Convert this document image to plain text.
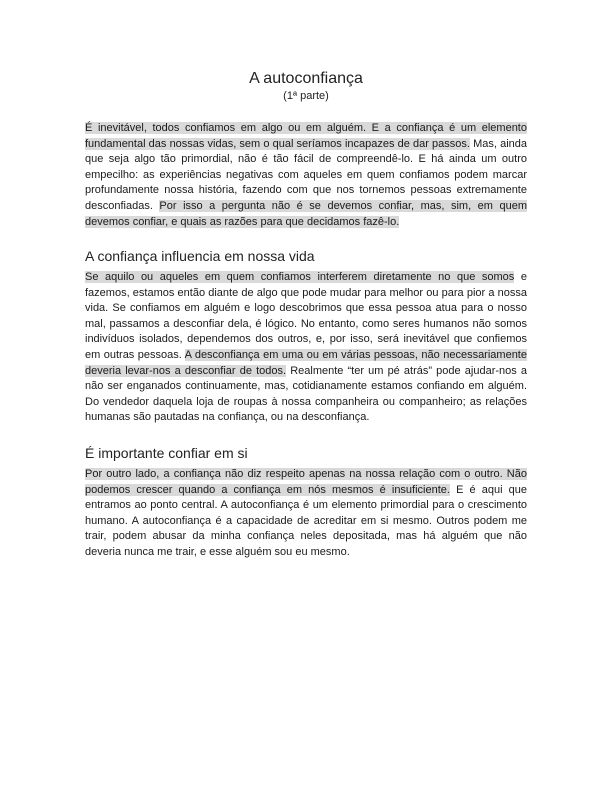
A autoconfiança
(1ª parte)

É inevitável, todos confiamos em algo ou em alguém. E a confiança é um elemento fundamental das nossas vidas, sem o qual seríamos incapazes de dar passos. Mas, ainda que seja algo tão primordial, não é tão fácil de compreendê-lo. E há ainda um outro empecilho: as experiências negativas com aqueles em quem confiamos podem marcar profundamente nossa história, fazendo com que nos tornemos pessoas extremamente desconfiadas. Por isso a pergunta não é se devemos confiar, mas, sim, em quem devemos confiar, e quais as razões para que decidamos fazê-lo.

A confiança influencia em nossa vida

Se aquilo ou aqueles em quem confiamos interferem diretamente no que somos e fazemos, estamos então diante de algo que pode mudar para melhor ou para pior a nossa vida. Se confiamos em alguém e logo descobrimos que essa pessoa atua para o nosso mal, passamos a desconfiar dela, é lógico. No entanto, como seres humanos não somos indivíduos isolados, dependemos dos outros, e, por isso, será inevitável que confiemos em outras pessoas. A desconfiança em uma ou em várias pessoas, não necessariamente deveria levar-nos a desconfiar de todos. Realmente “ter um pé atrás” pode ajudar-nos a não ser enganados continuamente, mas, cotidianamente estamos confiando em alguém. Do vendedor daquela loja de roupas à nossa companheira ou companheiro; as relações humanas são pautadas na confiança, ou na desconfiança.

É importante confiar em si

Por outro lado, a confiança não diz respeito apenas na nossa relação com o outro. Não podemos crescer quando a confiança em nós mesmos é insuficiente. E é aqui que entramos ao ponto central. A autoconfiança é um elemento primordial para o crescimento humano. A autoconfiança é a capacidade de acreditar em si mesmo. Outros podem me trair, podem abusar da minha confiança neles depositada, mas há alguém que não deveria nunca me trair, e esse alguém sou eu mesmo.
